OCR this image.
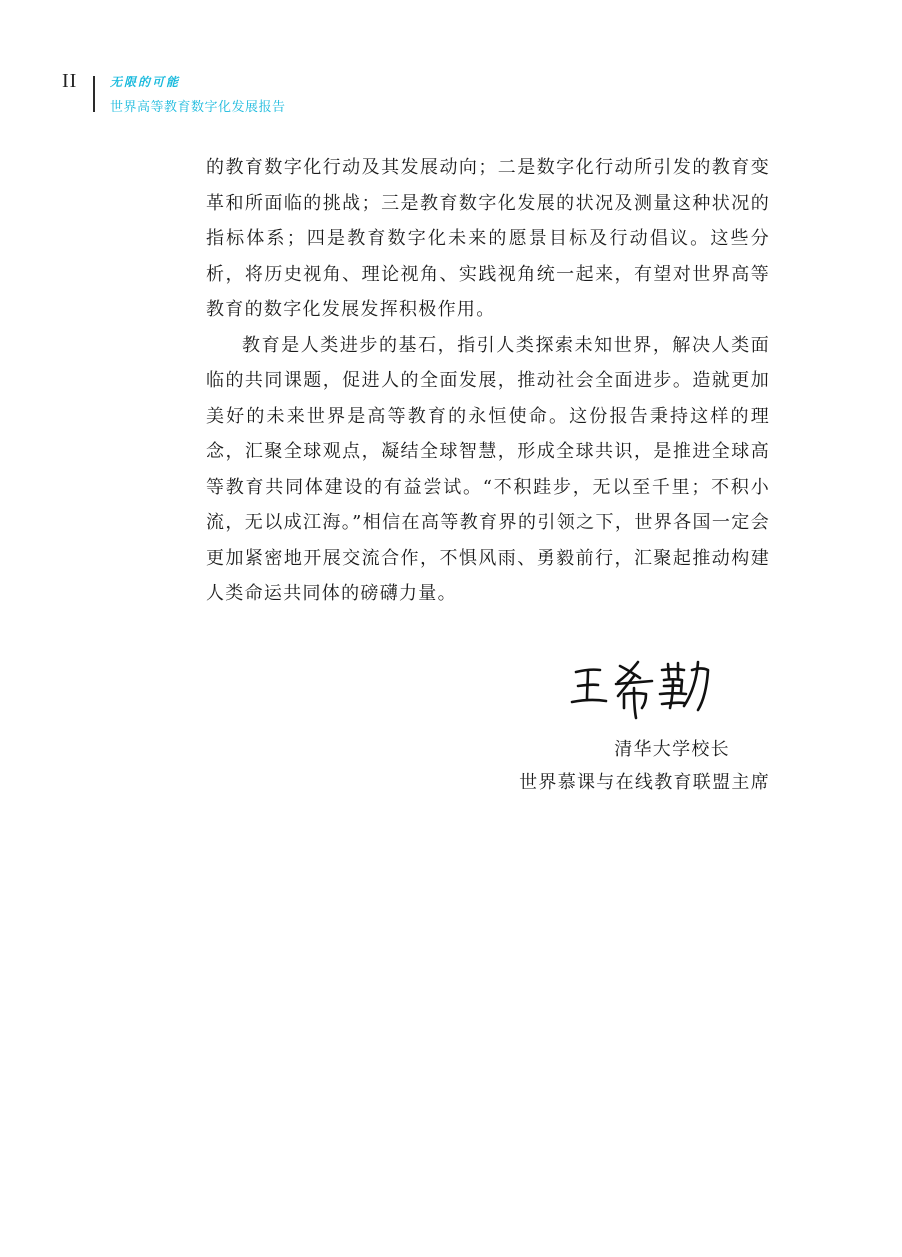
II	无限的可能
世界高等教育数字化发展报告

的教育数字化行动及其发展动向；二是数字化行动所引发的教育变革和所面临的挑战；三是教育数字化发展的状况及测量这种状况的指标体系；四是教育数字化未来的愿景目标及行动倡议。这些分析，将历史视角、理论视角、实践视角统一起来，有望对世界高等教育的数字化发展发挥积极作用。

教育是人类进步的基石，指引人类探索未知世界，解决人类面临的共同课题，促进人的全面发展，推动社会全面进步。造就更加美好的未来世界是高等教育的永恒使命。这份报告秉持这样的理念，汇聚全球观点，凝结全球智慧，形成全球共识，是推进全球高等教育共同体建设的有益尝试。“不积跬步，无以至千里；不积小流，无以成江海。”相信在高等教育界的引领之下，世界各国一定会更加紧密地开展交流合作，不惧风雨、勇毅前行，汇聚起推动构建人类命运共同体的磅礴力量。

清华大学校长
世界慕课与在线教育联盟主席
